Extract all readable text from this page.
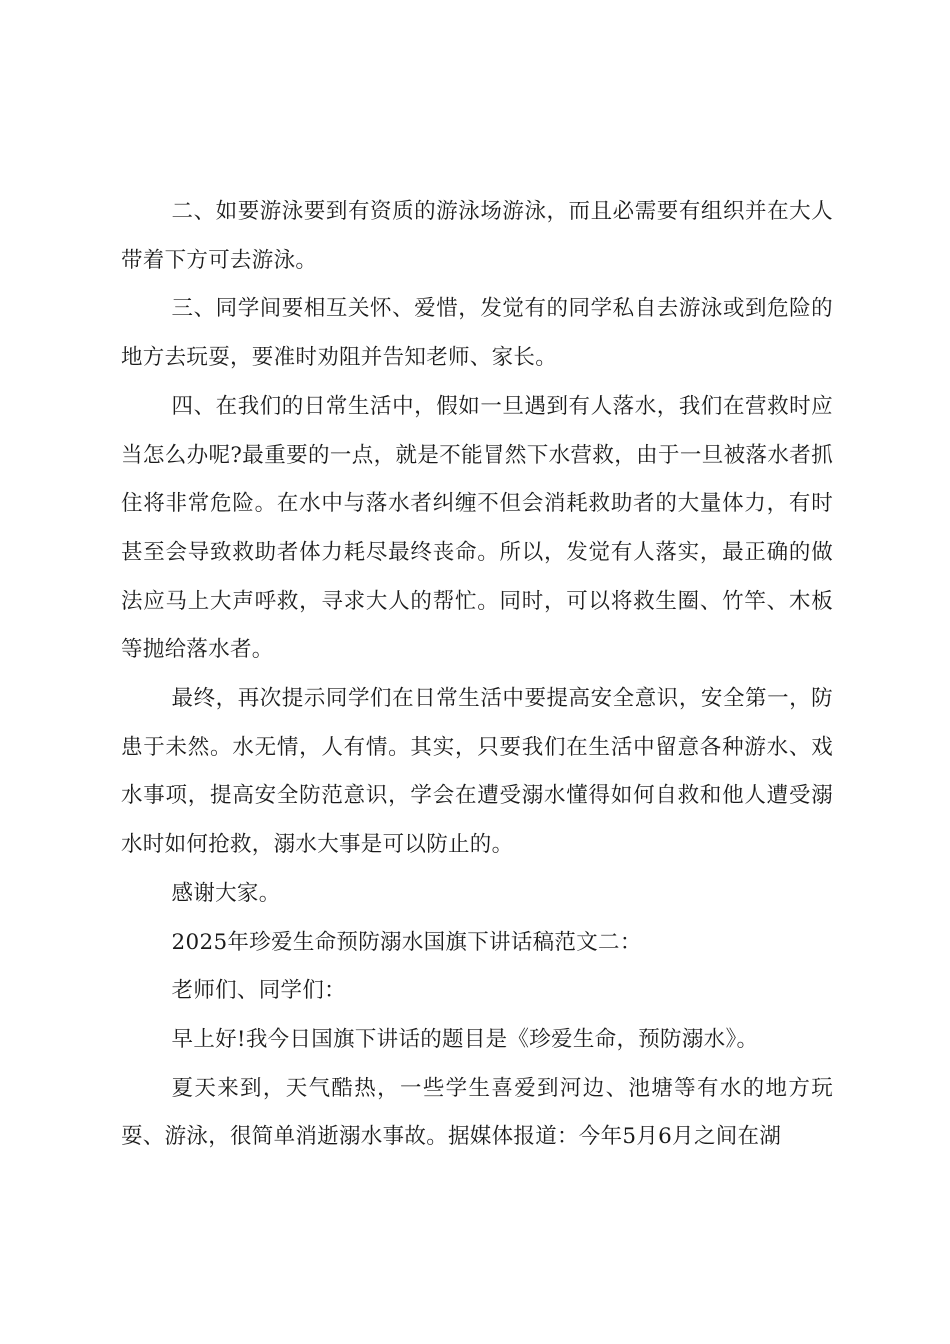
二、如要游泳要到有资质的游泳场游泳，而且必需要有组织并在大人带着下方可去游泳。

三、同学间要相互关怀、爱惜，发觉有的同学私自去游泳或到危险的地方去玩耍，要准时劝阻并告知老师、家长。

四、在我们的日常生活中，假如一旦遇到有人落水，我们在营救时应当怎么办呢?最重要的一点，就是不能冒然下水营救，由于一旦被落水者抓住将非常危险。在水中与落水者纠缠不但会消耗救助者的大量体力，有时甚至会导致救助者体力耗尽最终丧命。所以，发觉有人落实，最正确的做法应马上大声呼救，寻求大人的帮忙。同时，可以将救生圈、竹竿、木板等抛给落水者。

最终，再次提示同学们在日常生活中要提高安全意识，安全第一，防患于未然。水无情，人有情。其实，只要我们在生活中留意各种游水、戏水事项，提高安全防范意识，学会在遭受溺水懂得如何自救和他人遭受溺水时如何抢救，溺水大事是可以防止的。

感谢大家。

2025年珍爱生命预防溺水国旗下讲话稿范文二：

老师们、同学们：

早上好!我今日国旗下讲话的题目是《珍爱生命，预防溺水》。

夏天来到，天气酷热，一些学生喜爱到河边、池塘等有水的地方玩耍、游泳，很简单消逝溺水事故。据媒体报道：今年5月6月之间在湖
